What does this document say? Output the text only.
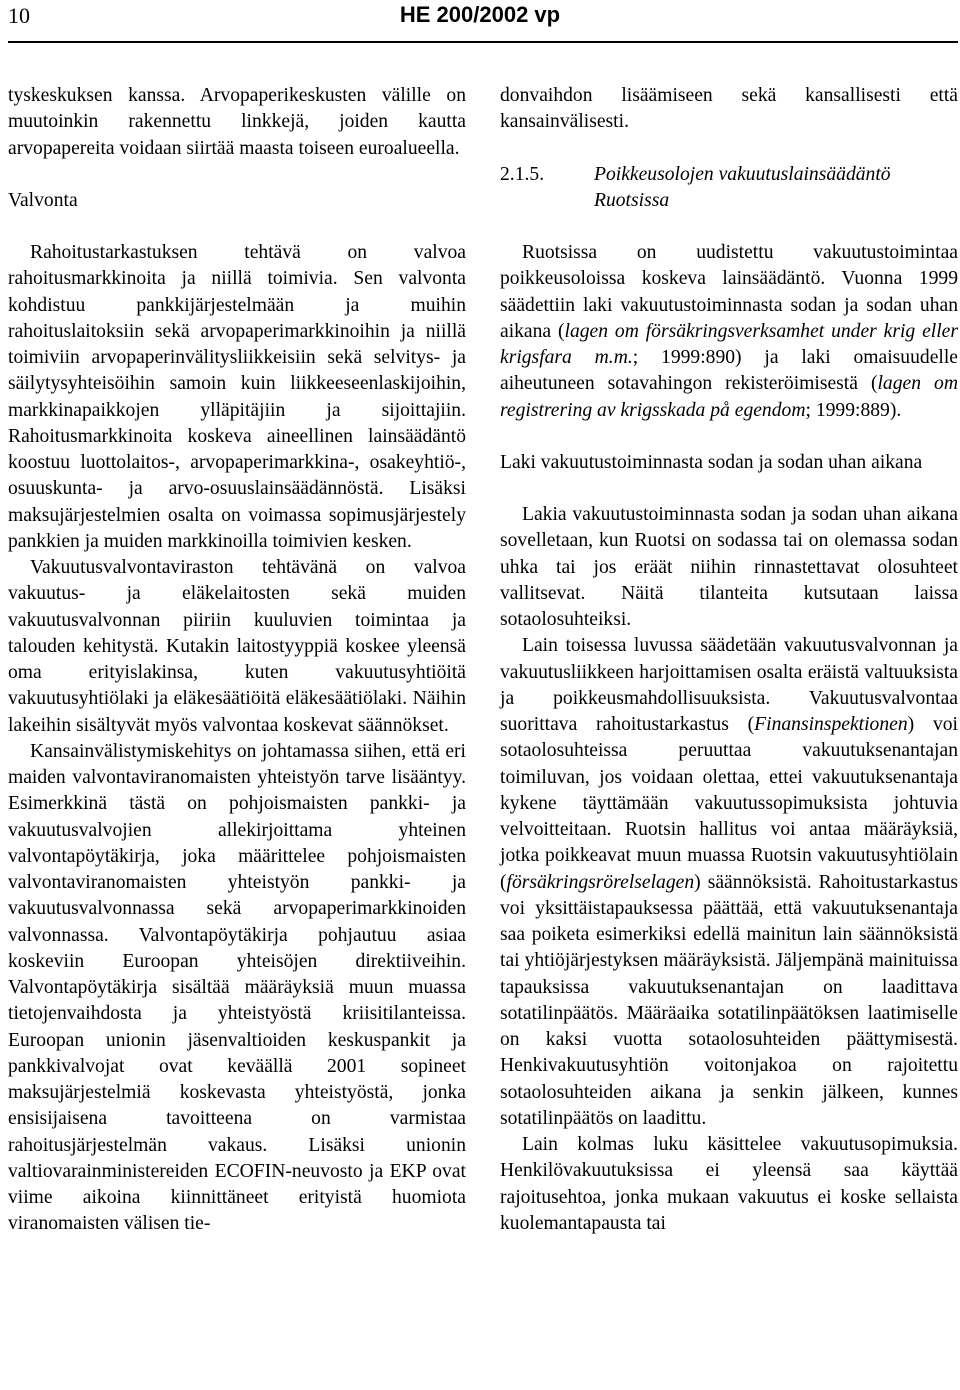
10	HE 200/2002 vp

tyskeskuksen kanssa. Arvopaperikeskusten välille on muutoinkin rakennettu linkkejä, joiden kautta arvopapereita voidaan siirtää maasta toiseen euroalueella.

Valvonta

Rahoitustarkastuksen tehtävä on valvoa rahoitusmarkkinoita ja niillä toimivia. Sen valvonta kohdistuu pankkijärjestelmään ja muihin rahoituslaitoksiin sekä arvopaperimarkkinoihin ja niillä toimiviin arvopaperinvälitysliikkeisiin sekä selvitys- ja säilytysyhteisöihin samoin kuin liikkeeseenlaskijoihin, markkinapaikkojen ylläpitäjiin ja sijoittajiin. Rahoitusmarkkinoita koskeva aineellinen lainsäädäntö koostuu luottolaitos-, arvopaperimarkkina-, osakeyhtiö-, osuuskunta- ja arvo-osuuslainsäädännöstä. Lisäksi maksujärjestelmien osalta on voimassa sopimusjärjestely pankkien ja muiden markkinoilla toimivien kesken.

Vakuutusvalvontaviraston tehtävänä on valvoa vakuutus- ja eläkelaitosten sekä muiden vakuutusvalvonnan piiriin kuuluvien toimintaa ja talouden kehitystä. Kutakin laitostyyppiä koskee yleensä oma erityislakinsa, kuten vakuutusyhtiöitä vakuutusyhtiölaki ja eläkesäätiöitä eläkesäätiölaki. Näihin lakeihin sisältyvät myös valvontaa koskevat säännökset.

Kansainvälistymiskehitys on johtamassa siihen, että eri maiden valvontaviranomaisten yhteistyön tarve lisääntyy. Esimerkkinä tästä on pohjoismaisten pankki- ja vakuutusvalvojien allekirjoittama yhteinen valvontapöytäkirja, joka määrittelee pohjoismaisten valvontaviranomaisten yhteistyön pankki- ja vakuutusvalvonnassa sekä arvopaperimarkkinoiden valvonnassa. Valvontapöytäkirja pohjautuu asiaa koskeviin Euroopan yhteisöjen direktiiveihin. Valvontapöytäkirja sisältää määräyksiä muun muassa tietojenvaihdosta ja yhteistyöstä kriisitilanteissa. Euroopan unionin jäsenvaltioiden keskuspankit ja pankkivalvojat ovat keväällä 2001 sopineet maksujärjestelmiä koskevasta yhteistyöstä, jonka ensisijaisena tavoitteena on varmistaa rahoitusjärjestelmän vakaus. Lisäksi unionin valtiovarainministereiden ECOFIN-neuvosto ja EKP ovat viime aikoina kiinnittäneet erityistä huomiota viranomaisten välisen tie-

donvaihdon lisäämiseen sekä kansallisesti että kansainvälisesti.

2.1.5.	Poikkeusolojen vakuutuslainsäädäntö Ruotsissa

Ruotsissa on uudistettu vakuutustoimintaa poikkeusoloissa koskeva lainsäädäntö. Vuonna 1999 säädettiin laki vakuutustoiminnasta sodan ja sodan uhan aikana (lagen om försäkringsverksamhet under krig eller krigsfara m.m.; 1999:890) ja laki omaisuudelle aiheutuneen sotavahingon rekisteröimisestä (lagen om registrering av krigsskada på egendom; 1999:889).

Laki vakuutustoiminnasta sodan ja sodan uhan aikana

Lakia vakuutustoiminnasta sodan ja sodan uhan aikana sovelletaan, kun Ruotsi on sodassa tai on olemassa sodan uhka tai jos eräät niihin rinnastettavat olosuhteet vallitsevat. Näitä tilanteita kutsutaan laissa sotaolosuhteiksi.

Lain toisessa luvussa säädetään vakuutusvalvonnan ja vakuutusliikkeen harjoittamisen osalta eräistä valtuuksista ja poikkeusmahdollisuuksista. Vakuutusvalvontaa suorittava rahoitustarkastus (Finansinspektionen) voi sotaolosuhteissa peruuttaa vakuutuksenantajan toimiluvan, jos voidaan olettaa, ettei vakuutuksenantaja kykene täyttämään vakuutussopimuksista johtuvia velvoitteitaan. Ruotsin hallitus voi antaa määräyksiä, jotka poikkeavat muun muassa Ruotsin vakuutusyhtiölain (försäkringsrörelselagen) säännöksistä. Rahoitustarkastus voi yksittäistapauksessa päättää, että vakuutuksenantaja saa poiketa esimerkiksi edellä mainitun lain säännöksistä tai yhtiöjärjestyksen määräyksistä. Jäljempänä mainituissa tapauksissa vakuutuksenantajan on laadittava sotatilinpäätös. Määräaika sotatilinpäätöksen laatimiselle on kaksi vuotta sotaolosuhteiden päättymisestä. Henkivakuutusyhtiön voitonjakoa on rajoitettu sotaolosuhteiden aikana ja senkin jälkeen, kunnes sotatilinpäätös on laadittu.

Lain kolmas luku käsittelee vakuutusopimuksia. Henkilövakuutuksissa ei yleensä saa käyttää rajoitusehtoa, jonka mukaan vakuutus ei koske sellaista kuolemantapausta tai
